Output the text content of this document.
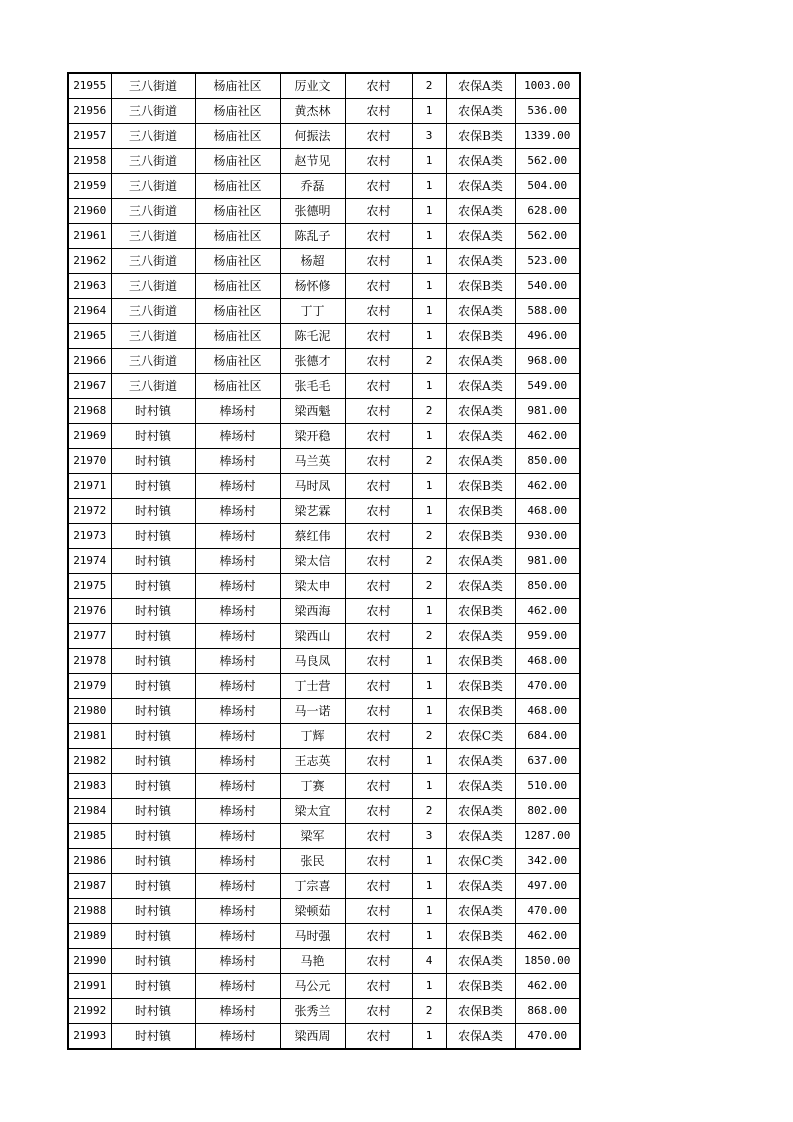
21955	三八街道	杨庙社区	厉业文	农村	2	农保A类	1003.00
21956	三八街道	杨庙社区	黄杰林	农村	1	农保A类	536.00
21957	三八街道	杨庙社区	何振法	农村	3	农保B类	1339.00
21958	三八街道	杨庙社区	赵节见	农村	1	农保A类	562.00
21959	三八街道	杨庙社区	乔磊	农村	1	农保A类	504.00
21960	三八街道	杨庙社区	张德明	农村	1	农保A类	628.00
21961	三八街道	杨庙社区	陈乱子	农村	1	农保A类	562.00
21962	三八街道	杨庙社区	杨超	农村	1	农保A类	523.00
21963	三八街道	杨庙社区	杨怀修	农村	1	农保B类	540.00
21964	三八街道	杨庙社区	丁丁	农村	1	农保A类	588.00
21965	三八街道	杨庙社区	陈乇泥	农村	1	农保B类	496.00
21966	三八街道	杨庙社区	张德才	农村	2	农保A类	968.00
21967	三八街道	杨庙社区	张毛毛	农村	1	农保A类	549.00
21968	时村镇	棒场村	梁西魁	农村	2	农保A类	981.00
21969	时村镇	棒场村	梁开稳	农村	1	农保A类	462.00
21970	时村镇	棒场村	马兰英	农村	2	农保A类	850.00
21971	时村镇	棒场村	马时凤	农村	1	农保B类	462.00
21972	时村镇	棒场村	梁艺霖	农村	1	农保B类	468.00
21973	时村镇	棒场村	蔡红伟	农村	2	农保B类	930.00
21974	时村镇	棒场村	梁太信	农村	2	农保A类	981.00
21975	时村镇	棒场村	梁太申	农村	2	农保A类	850.00
21976	时村镇	棒场村	梁西海	农村	1	农保B类	462.00
21977	时村镇	棒场村	梁西山	农村	2	农保A类	959.00
21978	时村镇	棒场村	马良凤	农村	1	农保B类	468.00
21979	时村镇	棒场村	丁士营	农村	1	农保B类	470.00
21980	时村镇	棒场村	马一诺	农村	1	农保B类	468.00
21981	时村镇	棒场村	丁辉	农村	2	农保C类	684.00
21982	时村镇	棒场村	王志英	农村	1	农保A类	637.00
21983	时村镇	棒场村	丁赛	农村	1	农保A类	510.00
21984	时村镇	棒场村	梁太宜	农村	2	农保A类	802.00
21985	时村镇	棒场村	梁军	农村	3	农保A类	1287.00
21986	时村镇	棒场村	张民	农村	1	农保C类	342.00
21987	时村镇	棒场村	丁宗喜	农村	1	农保A类	497.00
21988	时村镇	棒场村	梁顿茹	农村	1	农保A类	470.00
21989	时村镇	棒场村	马时强	农村	1	农保B类	462.00
21990	时村镇	棒场村	马艳	农村	4	农保A类	1850.00
21991	时村镇	棒场村	马公元	农村	1	农保B类	462.00
21992	时村镇	棒场村	张秀兰	农村	2	农保B类	868.00
21993	时村镇	棒场村	梁西周	农村	1	农保A类	470.00
